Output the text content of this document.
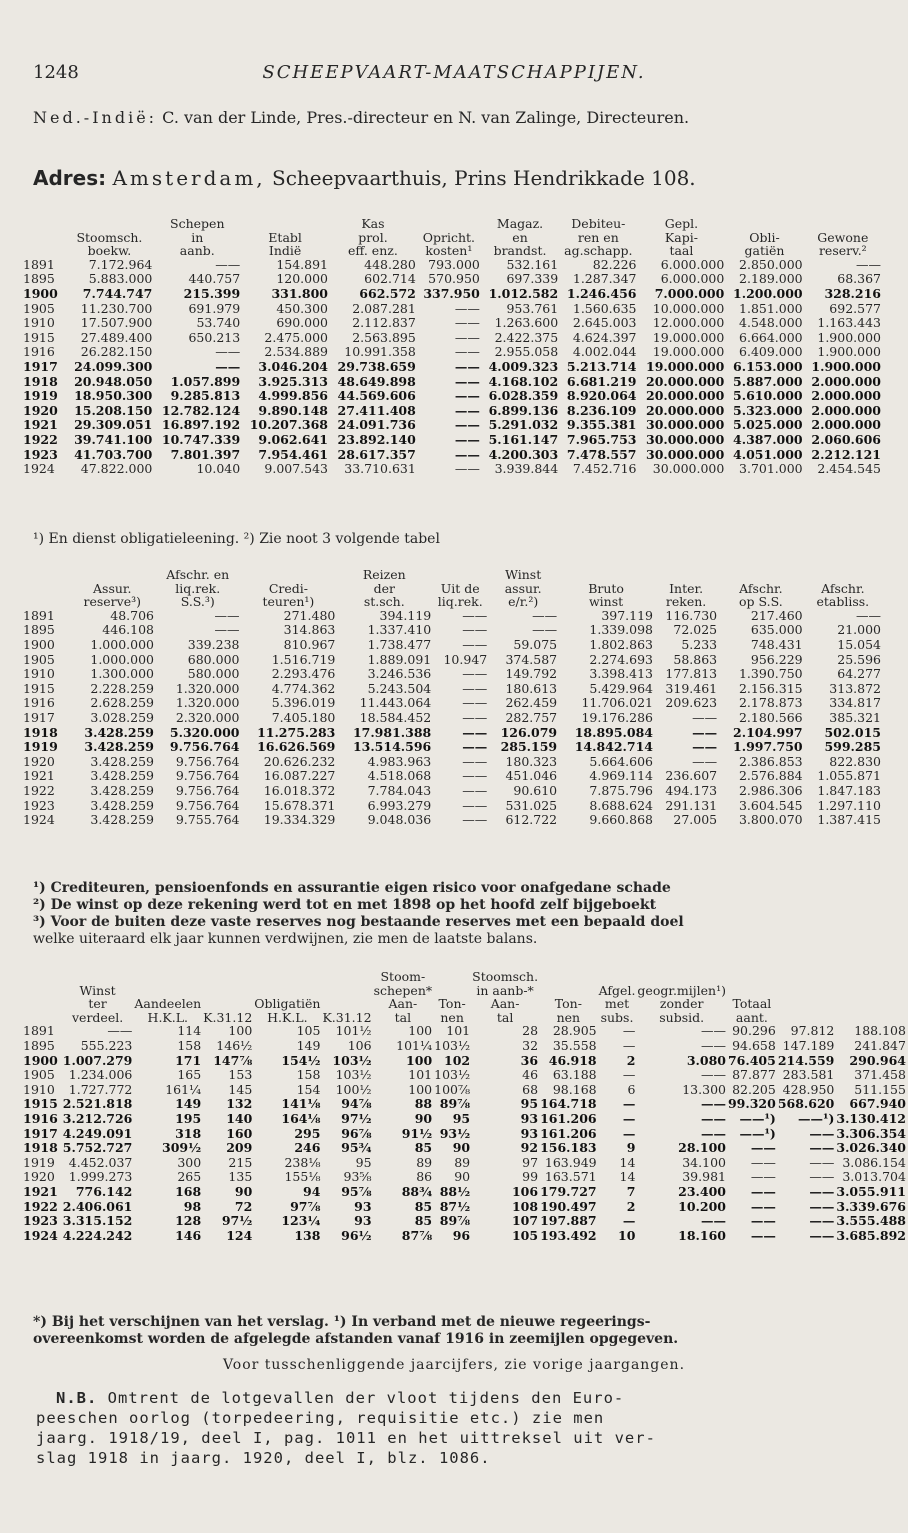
1248	SCHEEPVAART-MAATSCHAPPIJEN.
Ned.-Indië: C. van der Linde, Pres.-directeur en N. van Zalinge, Directeuren.
Adres: Amsterdam, Scheepvaarthuis, Prins Hendrikkade 108.
		Schepen		Kas		Magaz.	Debiteu-	Gepl.		
	Stoomsch.	in	Etabl	prol.	Opricht.	en	ren en	Kapi-	Obli-	Gewone
	boekw.	aanb.	Indië	eff. enz.	kosten¹	brandst.	ag.schapp.	taal	gatiën	reserv.²
1891	7.172.964	——	154.891	448.280	793.000	532.161	82.226	6.000.000	2.850.000	——
1895	5.883.000	440.757	120.000	602.714	570.950	697.339	1.287.347	6.000.000	2.189.000	68.367
1900	7.744.747	215.399	331.800	662.572	337.950	1.012.582	1.246.456	7.000.000	1.200.000	328.216
1905	11.230.700	691.979	450.300	2.087.281	——	953.761	1.560.635	10.000.000	1.851.000	692.577
1910	17.507.900	53.740	690.000	2.112.837	——	1.263.600	2.645.003	12.000.000	4.548.000	1.163.443
1915	27.489.400	650.213	2.475.000	2.563.895	——	2.422.375	4.624.397	19.000.000	6.664.000	1.900.000
1916	26.282.150	——	2.534.889	10.991.358	——	2.955.058	4.002.044	19.000.000	6.409.000	1.900.000
1917	24.099.300	——	3.046.204	29.738.659	——	4.009.323	5.213.714	19.000.000	6.153.000	1.900.000
1918	20.948.050	1.057.899	3.925.313	48.649.898	——	4.168.102	6.681.219	20.000.000	5.887.000	2.000.000
1919	18.950.300	9.285.813	4.999.856	44.569.606	——	6.028.359	8.920.064	20.000.000	5.610.000	2.000.000
1920	15.208.150	12.782.124	9.890.148	27.411.408	——	6.899.136	8.236.109	20.000.000	5.323.000	2.000.000
1921	29.309.051	16.897.192	10.207.368	24.091.736	——	5.291.032	9.355.381	30.000.000	5.025.000	2.000.000
1922	39.741.100	10.747.339	9.062.641	23.892.140	——	5.161.147	7.965.753	30.000.000	4.387.000	2.060.606
1923	41.703.700	7.801.397	7.954.461	28.617.357	——	4.200.303	7.478.557	30.000.000	4.051.000	2.212.121
1924	47.822.000	10.040	9.007.543	33.710.631	——	3.939.844	7.452.716	30.000.000	3.701.000	2.454.545
¹) En dienst obligatieleening. ²) Zie noot 3 volgende tabel
		Afschr. en		Reizen		Winst				
	Assur.	liq.rek.	Credi-	der	Uit de	assur.	Bruto	Inter.	Afschr.	Afschr.
	reserve³)	S.S.³)	teuren¹)	st.sch.	liq.rek.	e/r.²)	winst	reken.	op S.S.	etabliss.
1891	48.706	——	271.480	394.119	——	——	397.119	116.730	217.460	——
1895	446.108	——	314.863	1.337.410	——	——	1.339.098	72.025	635.000	21.000
1900	1.000.000	339.238	810.967	1.738.477	——	59.075	1.802.863	5.233	748.431	15.054
1905	1.000.000	680.000	1.516.719	1.889.091	10.947	374.587	2.274.693	58.863	956.229	25.596
1910	1.300.000	580.000	2.293.476	3.246.536	——	149.792	3.398.413	177.813	1.390.750	64.277
1915	2.228.259	1.320.000	4.774.362	5.243.504	——	180.613	5.429.964	319.461	2.156.315	313.872
1916	2.628.259	1.320.000	5.396.019	11.443.064	——	262.459	11.706.021	209.623	2.178.873	334.817
1917	3.028.259	2.320.000	7.405.180	18.584.452	——	282.757	19.176.286	——	2.180.566	385.321
1918	3.428.259	5.320.000	11.275.283	17.981.388	——	126.079	18.895.084	——	2.104.997	502.015
1919	3.428.259	9.756.764	16.626.569	13.514.596	——	285.159	14.842.714	——	1.997.750	599.285
1920	3.428.259	9.756.764	20.626.232	4.983.963	——	180.323	5.664.606	——	2.386.853	822.830
1921	3.428.259	9.756.764	16.087.227	4.518.068	——	451.046	4.969.114	236.607	2.576.884	1.055.871
1922	3.428.259	9.756.764	16.018.372	7.784.043	——	90.610	7.875.796	494.173	2.986.306	1.847.183
1923	3.428.259	9.756.764	15.678.371	6.993.279	——	531.025	8.688.624	291.131	3.604.545	1.297.110
1924	3.428.259	9.755.764	19.334.329	9.048.036	——	612.722	9.660.868	27.005	3.800.070	1.387.415
¹) Crediteuren, pensioenfonds en assurantie eigen risico voor onafgedane schade
²) De winst op deze rekening werd tot en met 1898 op het hoofd zelf bijgeboekt
³) Voor de buiten deze vaste reserves nog bestaande reserves met een bepaald doel
welke uiteraard elk jaar kunnen verdwijnen, zie men de laatste balans.
						Stoom-		Stoomsch.						
	Winst					schepen*		in aanb-*		Afgel.	geogr.mijlen¹)			
	ter	Aandeelen		Obligatiën		Aan-	Ton-	Aan-	Ton-	met	zonder	Totaal		
	verdeel.	H.K.L.	K.31.12	H.K.L.	K.31.12	tal	nen	tal	nen	subs.	subsid.	aant.		
1891	——	114	100	105	101½	100	101	28	28.905	—	——	90.296	97.812	188.108
1895	555.223	158	146½	149	106	101¼	103½	32	35.558	—	——	94.658	147.189	241.847
1900	1.007.279	171	147⅞	154½	103½	100	102	36	46.918	2	3.080	76.405	214.559	290.964
1905	1.234.006	165	153	158	103½	101	103½	46	63.188	—	——	87.877	283.581	371.458
1910	1.727.772	161¼	145	154	100½	100	100⅞	68	98.168	6	13.300	82.205	428.950	511.155
1915	2.521.818	149	132	141⅛	94⅞	88	89⅞	95	164.718	—	——	99.320	568.620	667.940
1916	3.212.726	195	140	164⅛	97½	90	95	93	161.206	—	——	——¹)	——¹)	3.130.412
1917	4.249.091	318	160	295	96⅞	91½	93½	93	161.206	—	——	——¹)	——	3.306.354
1918	5.752.727	309½	209	246	95¾	85	90	92	156.183	9	28.100	——	——	3.026.340
1919	4.452.037	300	215	238⅛	95	89	89	97	163.949	14	34.100	——	——	3.086.154
1920	1.999.273	265	135	155⅛	93⅝	86	90	99	163.571	14	39.981	——	——	3.013.704
1921	776.142	168	90	94	95⅞	88¾	88½	106	179.727	7	23.400	——	——	3.055.911
1922	2.406.061	98	72	97⅞	93	85	87½	108	190.497	2	10.200	——	——	3.339.676
1923	3.315.152	128	97½	123¼	93	85	89⅞	107	197.887	—	——	——	——	3.555.488
1924	4.224.242	146	124	138	96½	87⅞	96	105	193.492	10	18.160	——	——	3.685.892
*) Bij het verschijnen van het verslag. ¹) In verband met de nieuwe regeerings-
overeenkomst worden de afgelegde afstanden vanaf 1916 in zeemijlen opgegeven.
Voor tusschenliggende jaarcijfers, zie vorige jaargangen.
N.B. Omtrent de lotgevallen der vloot tijdens den Euro-
peeschen oorlog (torpedeering, requisitie etc.) zie men
jaarg. 1918/19, deel I, pag. 1011 en het uittreksel uit ver-
slag 1918 in jaarg. 1920, deel I, blz. 1086.
